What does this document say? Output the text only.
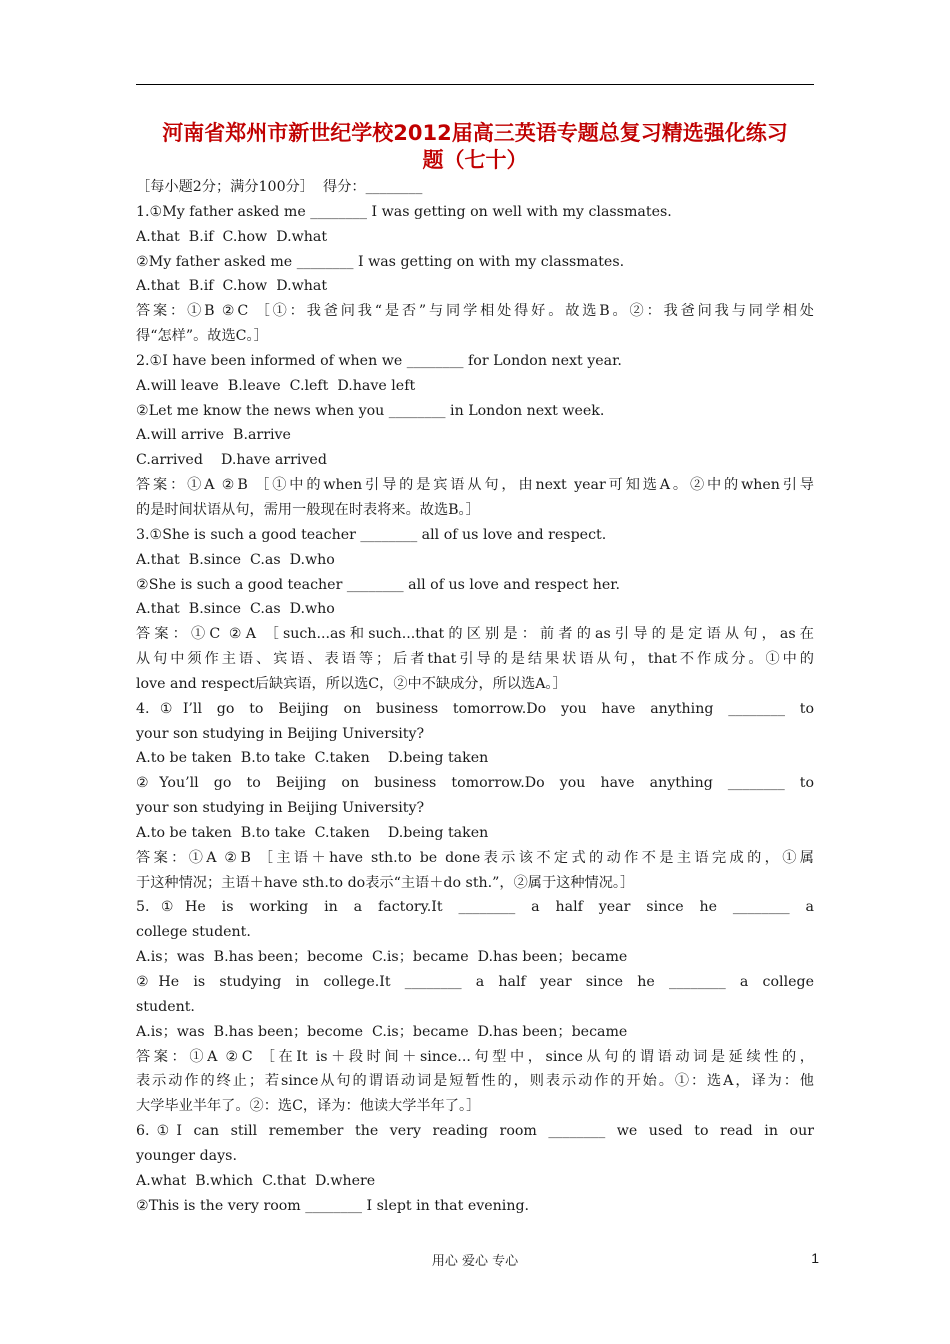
河南省郑州市新世纪学校2012届高三英语专题总复习精选强化练习
题（七十）
［每小题2分；满分100分］  得分：________
1.①My father asked me ________ I was getting on well with my classmates.
A.that  B.if  C.how  D.what
②My father asked me ________ I was getting on with my classmates.
A.that  B.if  C.how  D.what
答案：①B ②C ［①：我爸问我“是否”与同学相处得好。故选B。②：我爸问我与同学相处
得“怎样”。故选C。］
2.①I have been informed of when we ________ for London next year.
A.will leave  B.leave  C.left  D.have left
②Let me know the news when you ________ in London next week.
A.will arrive  B.arrive
C.arrived    D.have arrived
答案：①A ②B ［①中的when引导的是宾语从句，由next year可知选A。②中的when引导
的是时间状语从句，需用一般现在时表将来。故选B。］
3.①She is such a good teacher ________ all of us love and respect.
A.that  B.since  C.as  D.who
②She is such a good teacher ________ all of us love and respect her.
A.that  B.since  C.as  D.who
答案：①C ②A ［such...as和such...that的区别是：前者的as引导的是定语从句，as在
从句中须作主语、宾语、表语等；后者that引导的是结果状语从句，that不作成分。①中的
love and respect后缺宾语，所以选C，②中不缺成分，所以选A。］
4.①I’ll go to Beijing on business tomorrow.Do you have anything ________ to
your son studying in Beijing University?
A.to be taken  B.to take  C.taken    D.being taken
②You’ll go to Beijing on business tomorrow.Do you have anything ________ to
your son studying in Beijing University?
A.to be taken  B.to take  C.taken    D.being taken
答案：①A ②B ［主语＋have sth.to be done表示该不定式的动作不是主语完成的，①属
于这种情况；主语＋have sth.to do表示“主语＋do sth.”，②属于这种情况。］
5.①He is working in a factory.It ________ a half year since he ________ a
college student.
A.is；was  B.has been；become  C.is；became  D.has been；became
②He is studying in college.It ________ a half year since he ________ a college
student.
A.is；was  B.has been；become  C.is；became  D.has been；became
答案：①A ②C ［在It is＋段时间＋since...句型中，since从句的谓语动词是延续性的，
表示动作的终止；若since从句的谓语动词是短暂性的，则表示动作的开始。①：选A，译为：他
大学毕业半年了。②：选C，译为：他读大学半年了。］
6.①I can still remember the very reading room ________ we used to read in our
younger days.
A.what  B.which  C.that  D.where
②This is the very room ________ I slept in that evening.
用心 爱心 专心	1
